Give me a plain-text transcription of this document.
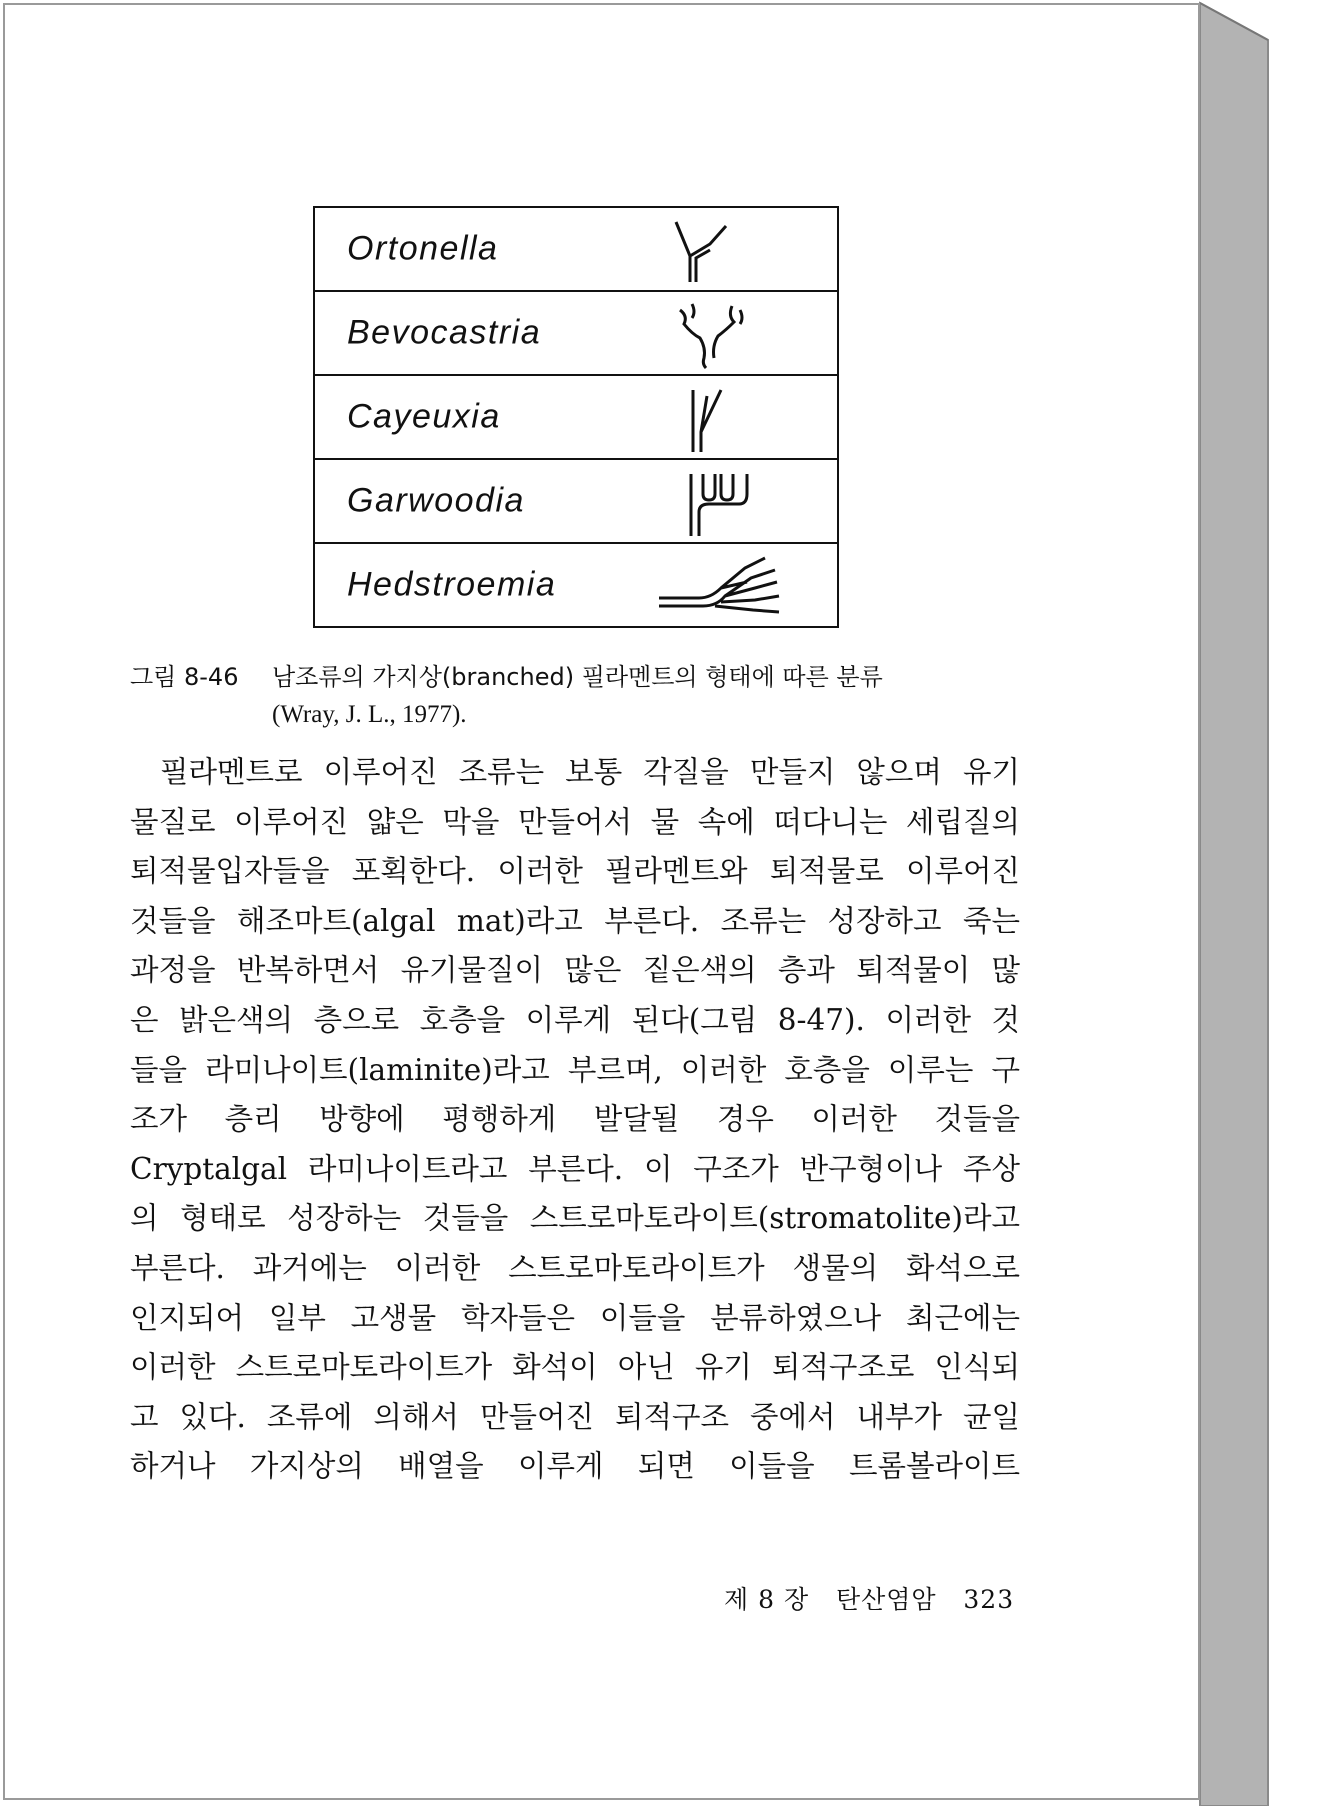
Ortonella
Bevocastria
Cayeuxia
Garwoodia
Hedstroemia
그림 8-46 남조류의 가지상(branched) 필라멘트의 형태에 따른 분류
(Wray, J. L., 1977).
필라멘트로 이루어진 조류는 보통 각질을 만들지 않으며 유기
물질로 이루어진 얇은 막을 만들어서 물 속에 떠다니는 세립질의
퇴적물입자들을 포획한다. 이러한 필라멘트와 퇴적물로 이루어진
것들을 해조마트(algal mat)라고 부른다. 조류는 성장하고 죽는
과정을 반복하면서 유기물질이 많은 짙은색의 층과 퇴적물이 많
은 밝은색의 층으로 호층을 이루게 된다(그림 8-47). 이러한 것
들을 라미나이트(laminite)라고 부르며, 이러한 호층을 이루는 구
조가 층리 방향에 평행하게 발달될 경우 이러한 것들을
Cryptalgal 라미나이트라고 부른다. 이 구조가 반구형이나 주상
의 형태로 성장하는 것들을 스트로마토라이트(stromatolite)라고
부른다. 과거에는 이러한 스트로마토라이트가 생물의 화석으로
인지되어 일부 고생물 학자들은 이들을 분류하였으나 최근에는
이러한 스트로마토라이트가 화석이 아닌 유기 퇴적구조로 인식되
고 있다. 조류에 의해서 만들어진 퇴적구조 중에서 내부가 균일
하거나 가지상의 배열을 이루게 되면 이들을 트롬볼라이트
제 8 장 탄산염암 323
